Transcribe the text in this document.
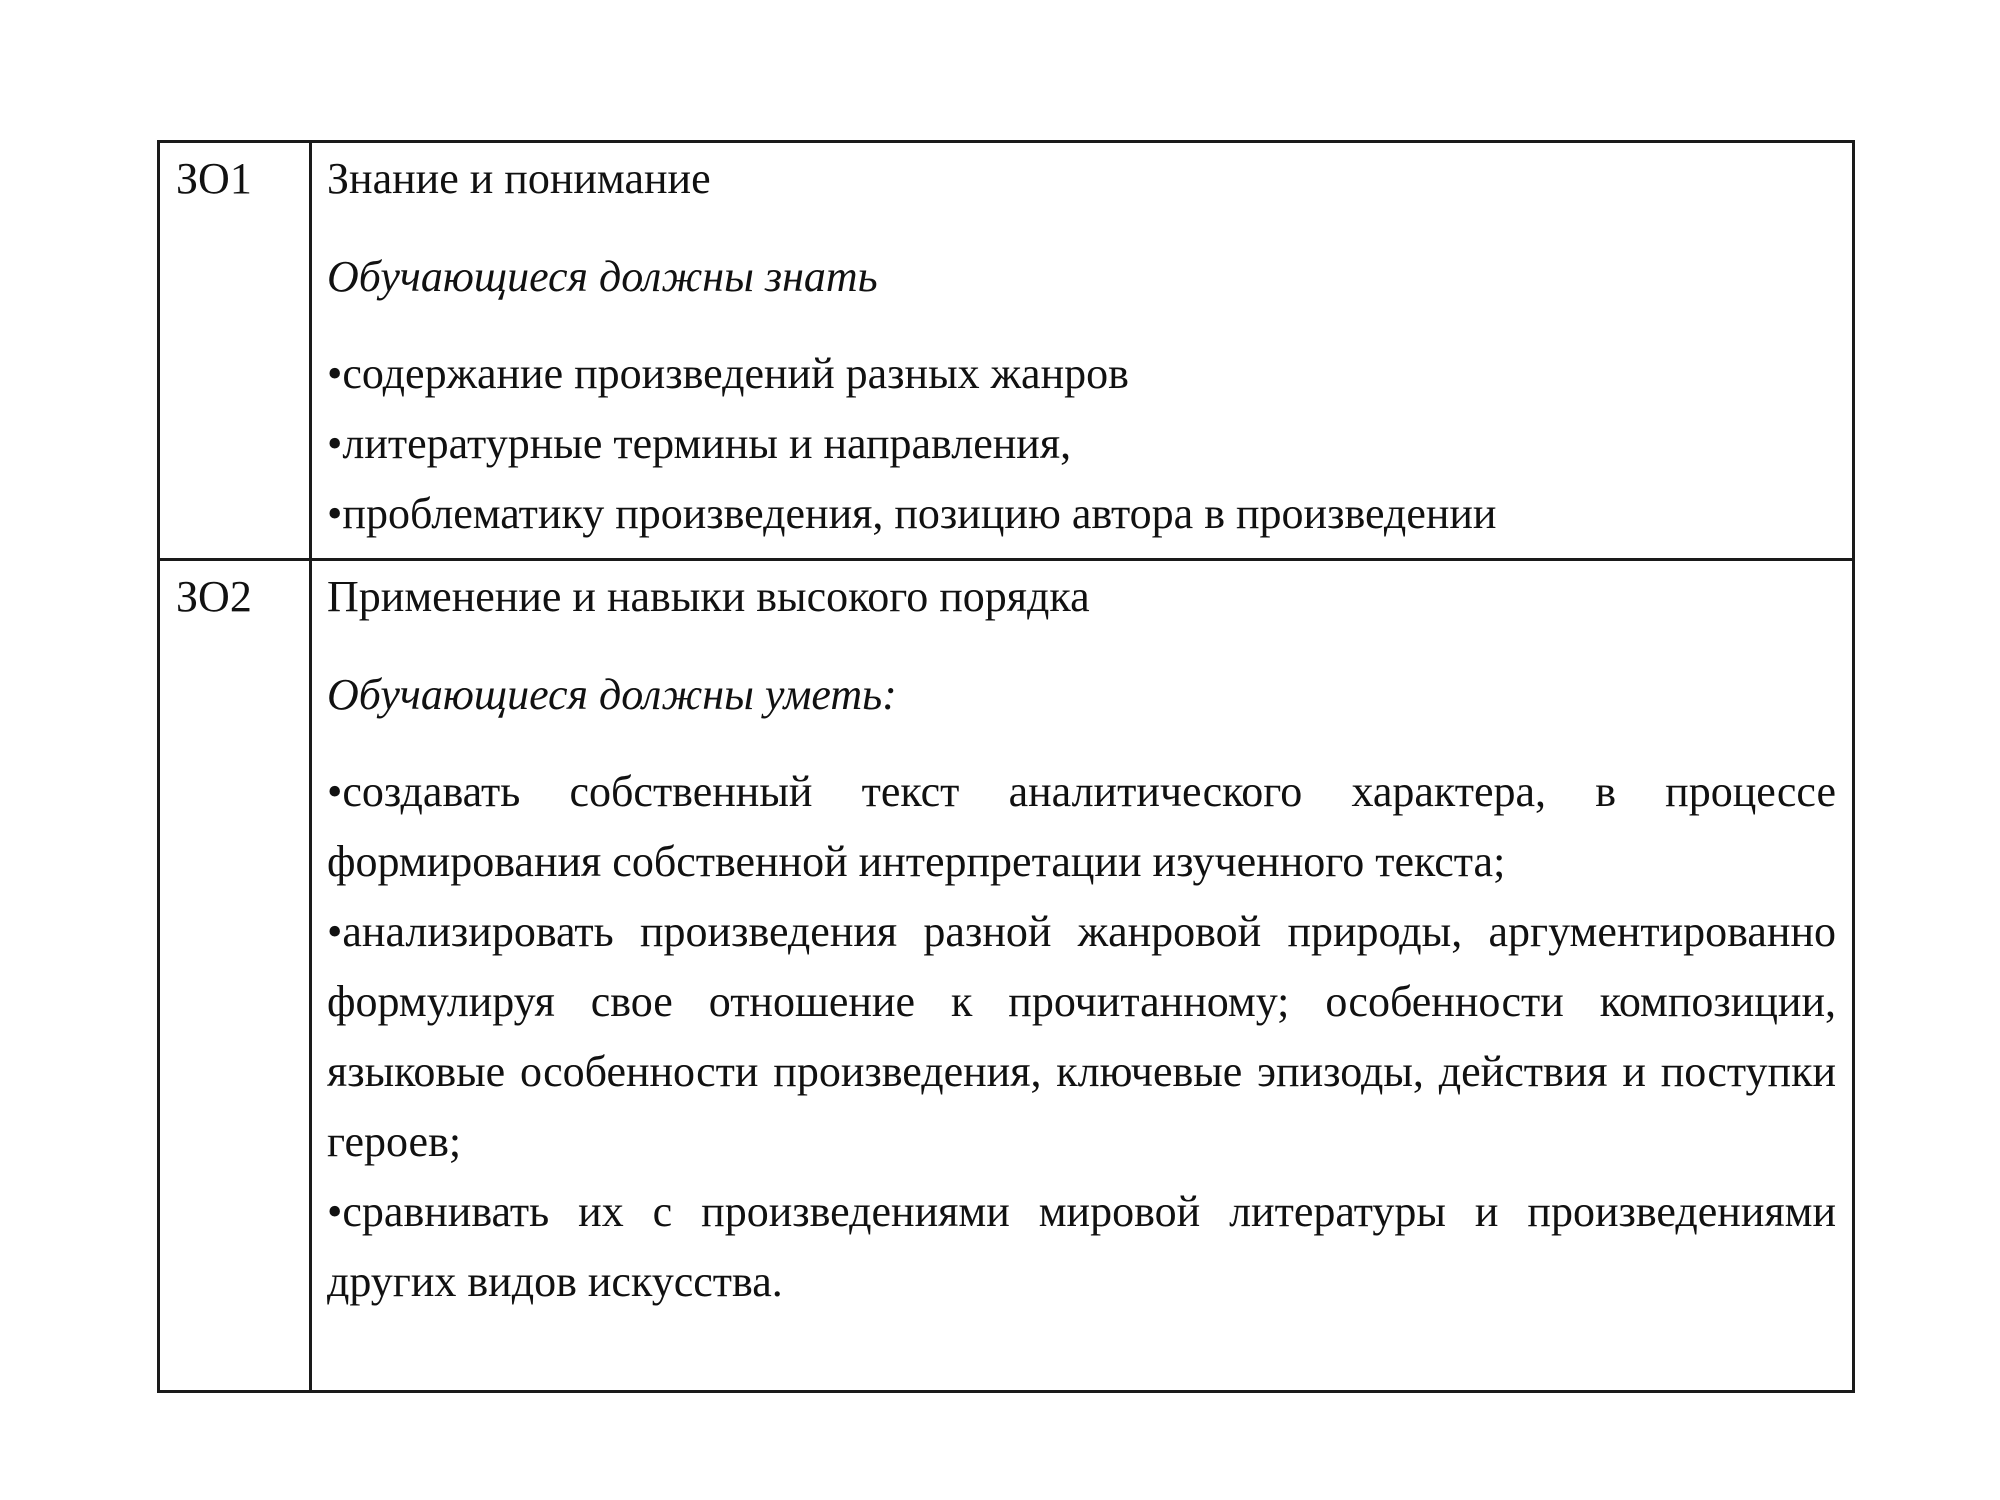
ЗО1	Знание и понимание

Обучающиеся должны знать

•содержание произведений разных жанров

•литературные термины и направления,

•проблематику произведения, позицию автора в произведении

ЗО2	Применение и навыки высокого порядка

Обучающиеся должны уметь:

•создавать собственный текст аналитического характера, в процессе формирования собственной интерпретации изученного текста;

•анализировать произведения разной жанровой природы, аргументированно формулируя свое отношение к прочитанному; особенности композиции, языковые особенности произведения, ключевые эпизоды, действия и поступки героев;

•сравнивать их с произведениями мировой литературы и произведениями других видов искусства.
